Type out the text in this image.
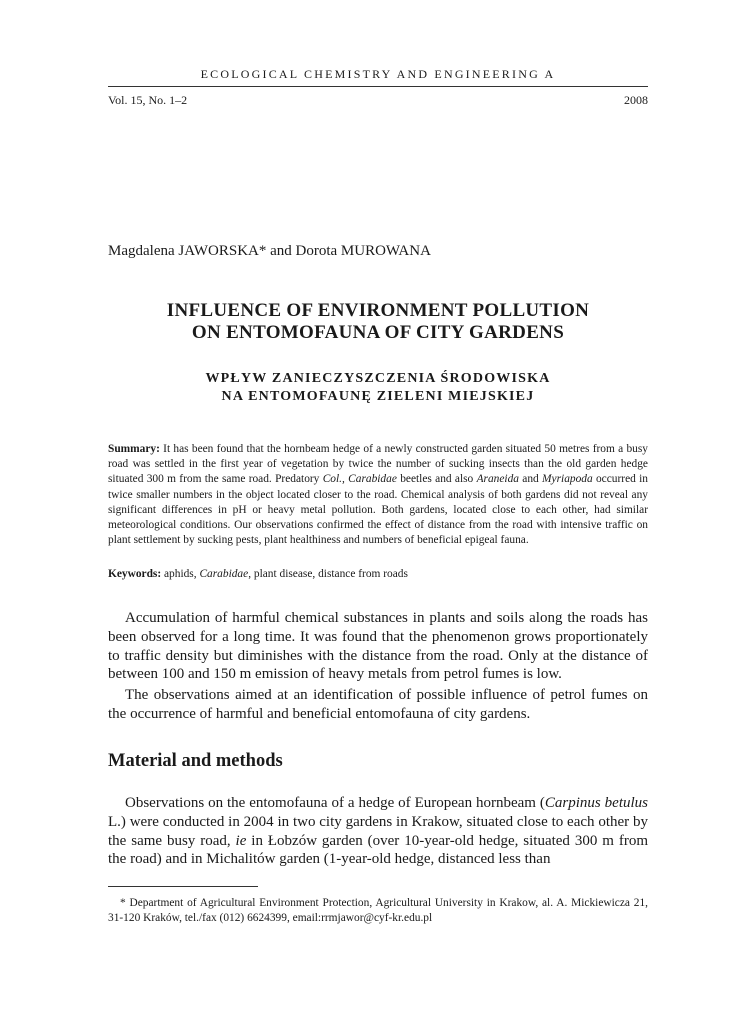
ECOLOGICAL CHEMISTRY AND ENGINEERING A
Vol. 15, No. 1–2	2008
Magdalena JAWORSKA* and Dorota MUROWANA
INFLUENCE OF ENVIRONMENT POLLUTION
ON ENTOMOFAUNA OF CITY GARDENS
WPŁYW ZANIECZYSZCZENIA ŚRODOWISKA
NA ENTOMOFAUNĘ ZIELENI MIEJSKIEJ
Summary: It has been found that the hornbeam hedge of a newly constructed garden situated 50 metres from a busy road was settled in the first year of vegetation by twice the number of sucking insects than the old garden hedge situated 300 m from the same road. Predatory Col., Carabidae beetles and also Araneida and Myriapoda occurred in twice smaller numbers in the object located closer to the road. Chemical analysis of both gardens did not reveal any significant differences in pH or heavy metal pollution. Both gardens, located close to each other, had similar meteorological conditions. Our observations confirmed the effect of distance from the road with intensive traffic on plant settlement by sucking pests, plant healthiness and numbers of beneficial epigeal fauna.
Keywords: aphids, Carabidae, plant disease, distance from roads

Accumulation of harmful chemical substances in plants and soils along the roads has been observed for a long time. It was found that the phenomenon grows proportionately to traffic density but diminishes with the distance from the road. Only at the distance of between 100 and 150 m emission of heavy metals from petrol fumes is low.

The observations aimed at an identification of possible influence of petrol fumes on the occurrence of harmful and beneficial entomofauna of city gardens.

Material and methods

Observations on the entomofauna of a hedge of European hornbeam (Carpinus betulus L.) were conducted in 2004 in two city gardens in Krakow, situated close to each other by the same busy road, ie in Łobzów garden (over 10-year-old hedge, situated 300 m from the road) and in Michalitów garden (1-year-old hedge, distanced less than

* Department of Agricultural Environment Protection, Agricultural University in Krakow, al. A. Mickiewicza 21, 31-120 Kraków, tel./fax (012) 6624399, email:rrmjawor@cyf-kr.edu.pl
